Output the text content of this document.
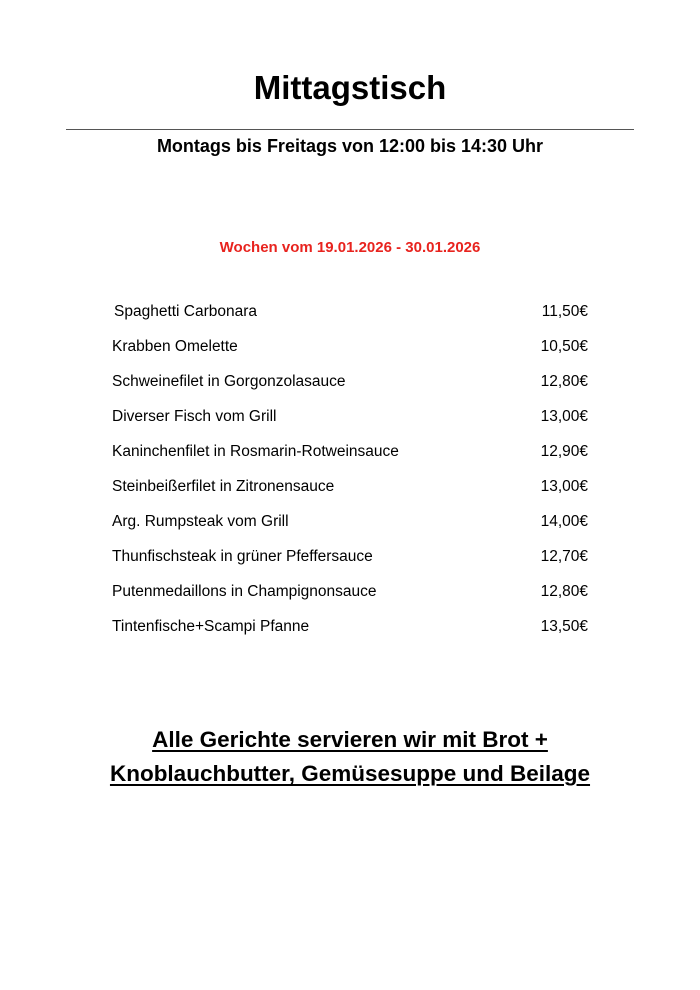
Mittagstisch
Montags bis Freitags von 12:00 bis 14:30 Uhr
Wochen vom 19.01.2026 - 30.01.2026
Spaghetti Carbonara	11,50€
Krabben Omelette	10,50€
Schweinefilet in Gorgonzolasauce	12,80€
Diverser Fisch vom Grill	13,00€
Kaninchenfilet in Rosmarin-Rotweinsauce	12,90€
Steinbeißerfilet in Zitronensauce	13,00€
Arg. Rumpsteak vom Grill	14,00€
Thunfischsteak in grüner Pfeffersauce	12,70€
Putenmedaillons in Champignonsauce	12,80€
Tintenfische+Scampi Pfanne	13,50€
Alle Gerichte servieren wir mit Brot +
Knoblauchbutter, Gemüsesuppe und Beilage
